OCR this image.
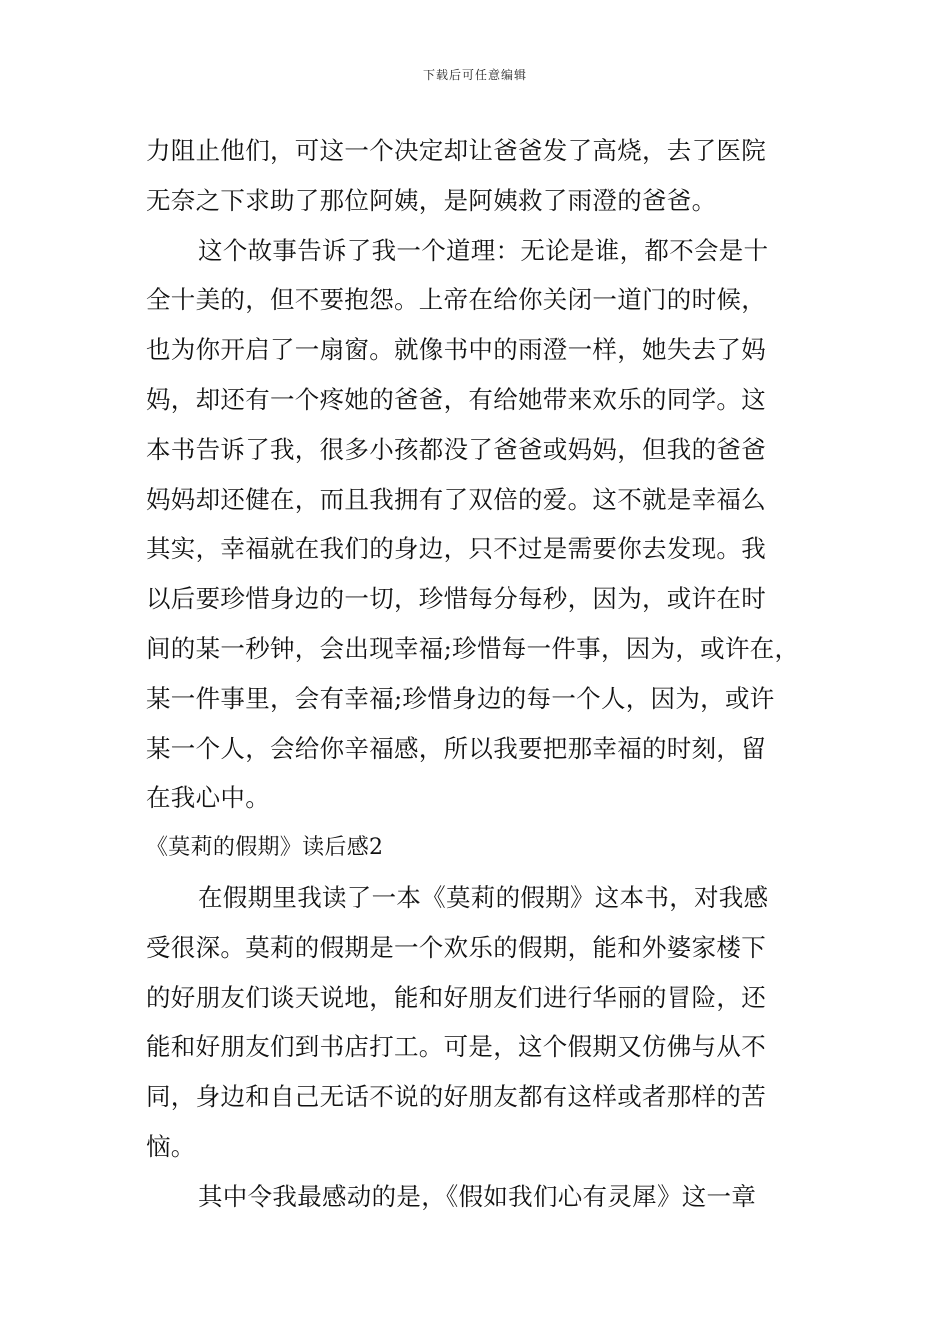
下载后可任意编辑
力阻止他们，可这一个决定却让爸爸发了高烧，去了医院
无奈之下求助了那位阿姨，是阿姨救了雨澄的爸爸。
这个故事告诉了我一个道理：无论是谁，都不会是十
全十美的，但不要抱怨。上帝在给你关闭一道门的时候，
也为你开启了一扇窗。就像书中的雨澄一样，她失去了妈
妈，却还有一个疼她的爸爸，有给她带来欢乐的同学。这
本书告诉了我，很多小孩都没了爸爸或妈妈，但我的爸爸
妈妈却还健在，而且我拥有了双倍的爱。这不就是幸福么
其实，幸福就在我们的身边，只不过是需要你去发现。我
以后要珍惜身边的一切，珍惜每分每秒，因为，或许在时
间的某一秒钟，会出现幸福;珍惜每一件事，因为，或许在，
某一件事里，会有幸福;珍惜身边的每一个人，因为，或许
某一个人，会给你辛福感，所以我要把那幸福的时刻，留
在我心中。
《莫莉的假期》读后感2
在假期里我读了一本《莫莉的假期》这本书，对我感
受很深。莫莉的假期是一个欢乐的假期，能和外婆家楼下
的好朋友们谈天说地，能和好朋友们进行华丽的冒险，还
能和好朋友们到书店打工。可是，这个假期又仿佛与从不
同，身边和自己无话不说的好朋友都有这样或者那样的苦
恼。
其中令我最感动的是，《假如我们心有灵犀》这一章
